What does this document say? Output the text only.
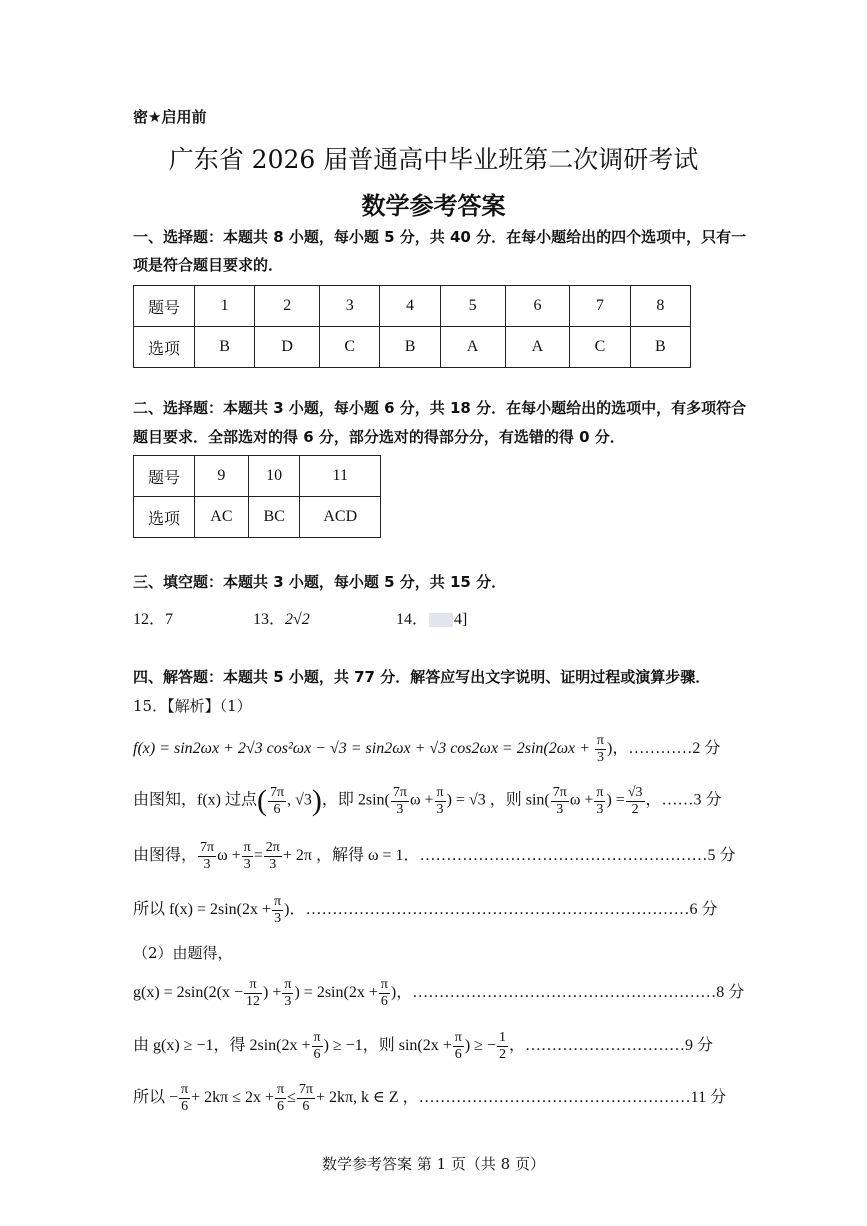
密★启用前
广东省 2026 届普通高中毕业班第二次调研考试
数学参考答案
一、选择题：本题共 8 小题，每小题 5 分，共 40 分．在每小题给出的四个选项中，只有一
项是符合题目要求的．
题号	1	2	3	4	5	6	7	8
选项	B	D	C	B	A	A	C	B
二、选择题：本题共 3 小题，每小题 6 分，共 18 分．在每小题给出的选项中，有多项符合
题目要求．全部选对的得 6 分，部分选对的得部分分，有选错的得 0 分．
题号	9	10	11
选项	AC	BC	ACD
三、填空题：本题共 3 小题，每小题 5 分，共 15 分．
12．7	13．2√2	14． 4]
四、解答题：本题共 5 小题，共 77 分．解答应写出文字说明、证明过程或演算步骤．
15．【解析】（1）
f(x) = sin2ωx + 2√3 cos²ωx − √3 = sin2ωx + √3 $\cos 2\omega x = 2\sin(2\omega x + \frac{\pi}{3}$ )，…………2 分
由图知，f(x) 过点( $\frac{7\pi}{6}$ , √3)，即 $2\sin( \frac{7\pi}{3}$ $\omega + \frac{\pi}{3}$ ) = √3 ，则 $\sin( \frac{7\pi}{3}$ $\omega + \frac{\pi}{3}$ ) = $\frac{√3}{2}$ ，……3 分
由图得， $\frac{7\pi}{3}$ $\omega + \frac{\pi}{3} = \frac{2\pi}{3} + 2\pi$ ，解得 ω = 1．………………………………………………5 分
所以 $f(x) = 2\sin(2x + \frac{\pi}{3}$ )．………………………………………………………………6 分
（2）由题得，
$g(x) = 2\sin(2(x - \frac{\pi}{12}$ ) + $\frac{\pi}{3}$ ) = $2\sin(2x + \frac{\pi}{6}$ )，…………………………………………………8 分
由 g(x) ≥ −1，得 $2\sin(2x + \frac{\pi}{6}$ ) ≥ −1，则 $\sin(2x + \frac{\pi}{6}$ ) ≥ − $\frac{1}{2}$ ，…………………………9 分
所以 − $\frac{\pi}{6} + 2k\pi \le 2x + \frac{\pi}{6} \le \frac{7\pi}{6} + 2k\pi$, k ∈ Z ，……………………………………………11 分
数学参考答案 第 1 页（共 8 页）
